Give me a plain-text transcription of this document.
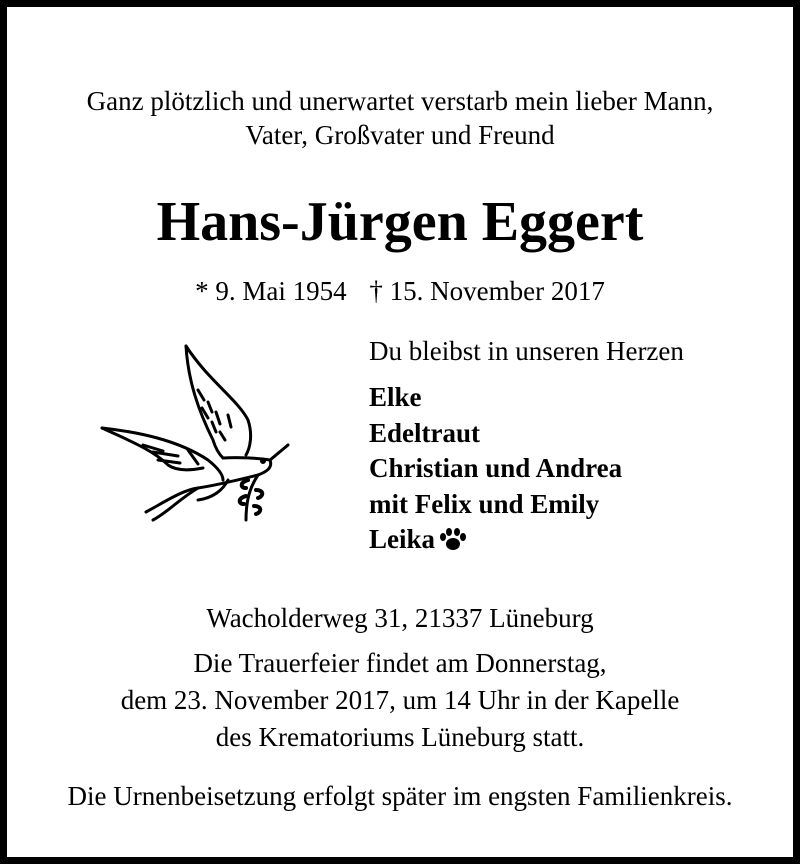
Ganz plötzlich und unerwartet verstarb mein lieber Mann,
Vater, Großvater und Freund
Hans-Jürgen Eggert
* 9. Mai 1954 † 15. November 2017
Du bleibst in unseren Herzen
Elke
Edeltraut
Christian und Andrea
mit Felix und Emily
Leika
Wacholderweg 31, 21337 Lüneburg
Die Trauerfeier findet am Donnerstag,
dem 23. November 2017, um 14 Uhr in der Kapelle
des Krematoriums Lüneburg statt.
Die Urnenbeisetzung erfolgt später im engsten Familienkreis.
